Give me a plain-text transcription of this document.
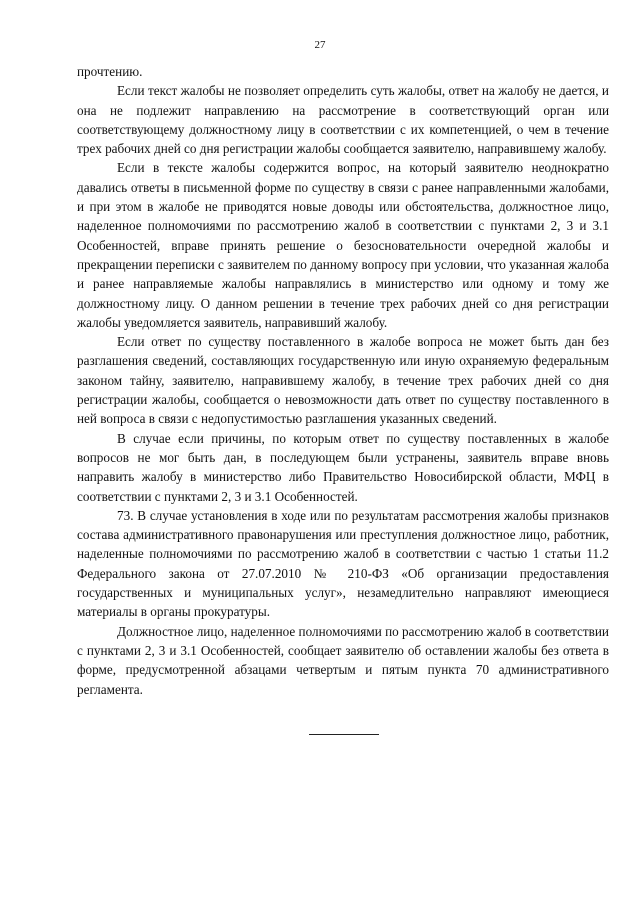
27

прочтению.

Если текст жалобы не позволяет определить суть жалобы, ответ на жалобу не дается, и она не подлежит направлению на рассмотрение в соответствующий орган или соответствующему должностному лицу в соответствии с их компетенцией, о чем в течение трех рабочих дней со дня регистрации жалобы сообщается заявителю, направившему жалобу.

Если в тексте жалобы содержится вопрос, на который заявителю неоднократно давались ответы в письменной форме по существу в связи с ранее направленными жалобами, и при этом в жалобе не приводятся новые доводы или обстоятельства, должностное лицо, наделенное полномочиями по рассмотрению жалоб в соответствии с пунктами 2, 3 и 3.1 Особенностей, вправе принять решение о безосновательности очередной жалобы и прекращении переписки с заявителем по данному вопросу при условии, что указанная жалоба и ранее направляемые жалобы направлялись в министерство или одному и тому же должностному лицу. О данном решении в течение трех рабочих дней со дня регистрации жалобы уведомляется заявитель, направивший жалобу.

Если ответ по существу поставленного в жалобе вопроса не может быть дан без разглашения сведений, составляющих государственную или иную охраняемую федеральным законом тайну, заявителю, направившему жалобу, в течение трех рабочих дней со дня регистрации жалобы, сообщается о невозможности дать ответ по существу поставленного в ней вопроса в связи с недопустимостью разглашения указанных сведений.

В случае если причины, по которым ответ по существу поставленных в жалобе вопросов не мог быть дан, в последующем были устранены, заявитель вправе вновь направить жалобу в министерство либо Правительство Новосибирской области, МФЦ в соответствии с пунктами 2, 3 и 3.1 Особенностей.

73. В случае установления в ходе или по результатам рассмотрения жалобы признаков состава административного правонарушения или преступления должностное лицо, работник, наделенные полномочиями по рассмотрению жалоб в соответствии с частью 1 статьи 11.2 Федерального закона от 27.07.2010 № 210-ФЗ «Об организации предоставления государственных и муниципальных услуг», незамедлительно направляют имеющиеся материалы в органы прокуратуры.

Должностное лицо, наделенное полномочиями по рассмотрению жалоб в соответствии с пунктами 2, 3 и 3.1 Особенностей, сообщает заявителю об оставлении жалобы без ответа в форме, предусмотренной абзацами четвертым и пятым пункта 70 административного регламента.
